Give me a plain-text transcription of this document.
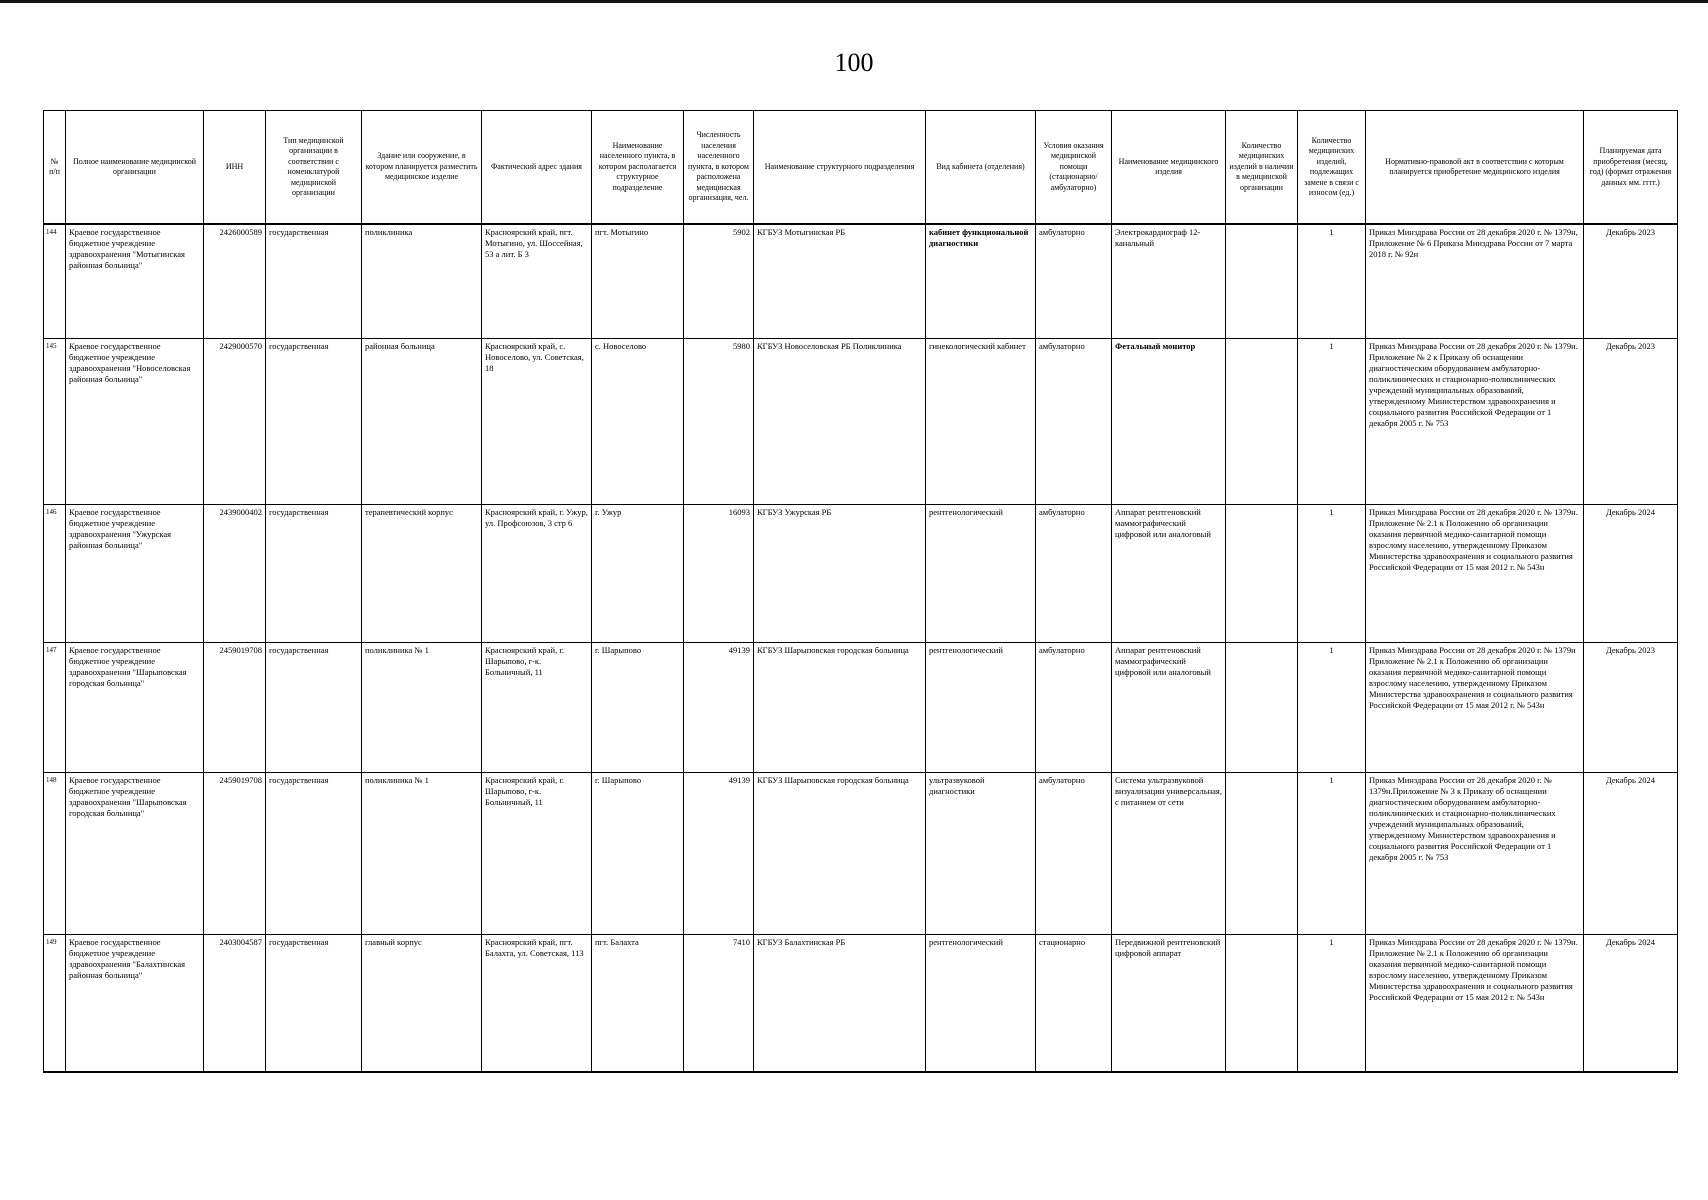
100
№ п/п	Полное наименование медицинской организации	ИНН	Тип медицинской организации в соответствии с номенклатурой медицинской организации	Здание или сооружение, в котором планируется разместить медицинское изделие	Фактический адрес здания	Наименование населенного пункта, в котором располагается структурное подразделение	Численность населения населенного пункта, в котором расположена медицинская организация, чел.	Наименование структурного подразделения	Вид кабинета (отделения)	Условия оказания медицинской помощи (стационарно/ амбулаторно)	Наименование медицинского изделия	Количество медицинских изделий в наличии в медицинской организации	Количество медицинских изделий, подлежащих замене в связи с износом (ед.)	Нормативно-правовой акт в соответствии с которым планируется приобретение медицинского изделия	Планируемая дата приобретения (месяц, год) (формат отражения данных мм. гггг.)
144	Краевое государственное бюджетное учреждение здравоохранения "Мотыгинская районная больница"	2426000589	государственная	поликлиника	Красноярский край, пгт. Мотыгино, ул. Шоссейная, 53 а лит. Б 3	пгт. Мотыгино	5902	КГБУЗ Мотыгинская РБ	кабинет функциональной диагностики	амбулаторно	Электрокардиограф 12-канальный		1	Приказ Минздрава России от 28 декабря 2020 г. № 1379н, Приложение № 6 Приказа Минздрава России от 7 марта 2018 г. № 92н	Декабрь 2023
145	Краевое государственное бюджетное учреждение здравоохранения "Новоселовская районная больница"	2429000570	государственная	районная больница	Красноярский край, с. Новоселово, ул. Советская, 18	с. Новоселово	5980	КГБУЗ Новоселовская РБ Поликлиника	гинекологический кабинет	амбулаторно	Фетальный монитор		1	Приказ Минздрава России от 28 декабря 2020 г. № 1379н. Приложение № 2 к Приказу об оснащении диагностическим оборудованием амбулаторно-поликлинических и стационарно-поликлинических учреждений муниципальных образований, утвержденному Министерством здравоохранения и социального развития Российской Федерации от 1 декабря 2005 г. № 753	Декабрь 2023
146	Краевое государственное бюджетное учреждение здравоохранения "Ужурская районная больница"	2439000402	государственная	терапевтический корпус	Красноярский край, г. Ужур, ул. Профсоюзов, 3 стр 6	г. Ужур	16093	КГБУЗ Ужурская РБ	рентгенологический	амбулаторно	Аппарат рентгеновский маммографический цифровой или аналоговый		1	Приказ Минздрава России от 28 декабря 2020 г. № 1379н. Приложение № 2.1 к Положению об организации оказания первичной медико-санитарной помощи взрослому населению, утвержденному Приказом Министерства здравоохранения и социального развития Российской Федерации от 15 мая 2012 г. № 543н	Декабрь 2024
147	Краевое государственное бюджетное учреждение здравоохранения "Шарыповская городская больница"	2459019708	государственная	поликлиника № 1	Красноярский край, г. Шарыпово, г-к. Больничный, 11	г. Шарыпово	49139	КГБУЗ Шарыповская городская больница	рентгенологический	амбулаторно	Аппарат рентгеновский маммографический цифровой или аналоговый		1	Приказ Минздрава России от 28 декабря 2020 г. № 1379н Приложение № 2.1 к Положению об организации оказания первичной медико-санитарной помощи взрослому населению, утвержденному Приказом Министерства здравоохранения и социального развития Российской Федерации от 15 мая 2012 г. № 543н	Декабрь 2023
148	Краевое государственное бюджетное учреждение здравоохранения "Шарыповская городская больница"	2459019708	государственная	поликлиника № 1	Красноярский край, г. Шарыпово, г-к. Больничный, 11	г. Шарыпово	49139	КГБУЗ Шарыповская городская больница	ультразвуковой диагностики	амбулаторно	Система ультразвуковой визуализации универсальная, с питанием от сети		1	Приказ Минздрава России от 28 декабря 2020 г. № 1379н.Приложение № 3 к Приказу об оснащении диагностическим оборудованием амбулаторно-поликлинических и стационарно-поликлинических учреждений муниципальных образований, утвержденному Министерством здравоохранения и социального развития Российской Федерации от 1 декабря 2005 г. № 753	Декабрь 2024
149	Краевое государственное бюджетное учреждение здравоохранения "Балахтинская районная больница"	2403004587	государственная	главный корпус	Красноярский край, пгт. Балахта, ул. Советская, 113	пгт. Балахта	7410	КГБУЗ Балахтинская РБ	рентгенологический	стационарно	Передвижной рентгеновский цифровой аппарат		1	Приказ Минздрава России от 28 декабря 2020 г. № 1379н. Приложение № 2.1 к Положению об организации оказания первичной медико-санитарной помощи взрослому населению, утвержденному Приказом Министерства здравоохранения и социального развития Российской Федерации от 15 мая 2012 г. № 543н	Декабрь 2024
